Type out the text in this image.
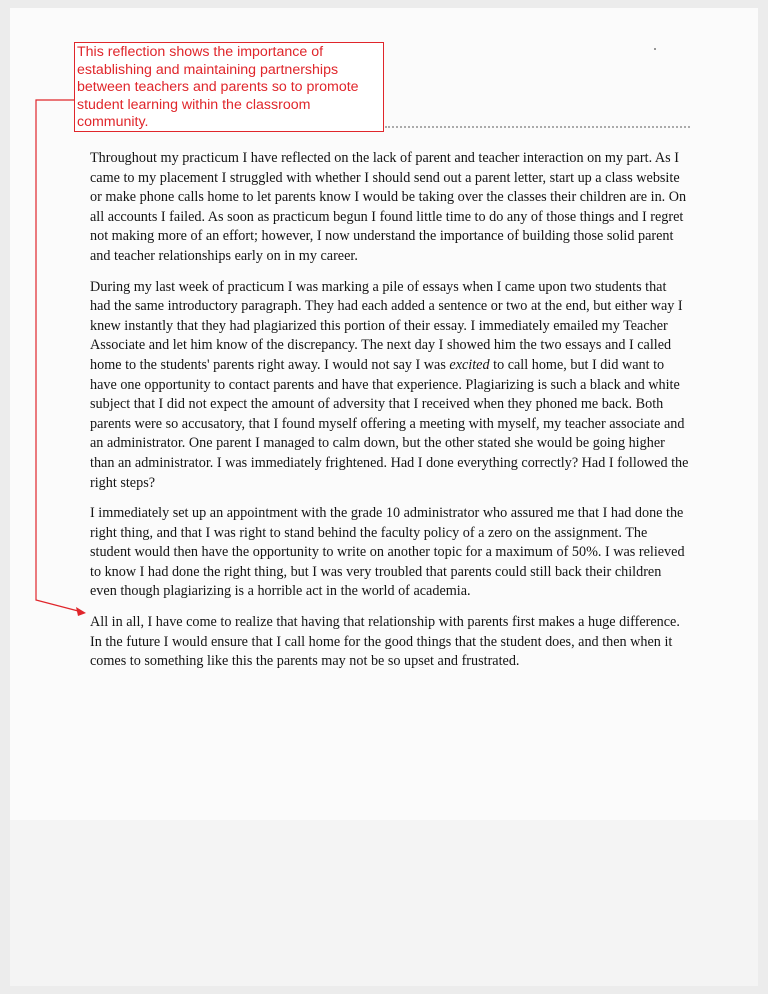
This reflection shows the importance of establishing and maintaining partnerships between teachers and parents so to promote student learning within the classroom community.

Throughout my practicum I have reflected on the lack of parent and teacher interaction on my part. As I came to my placement I struggled with whether I should send out a parent letter, start up a class website or make phone calls home to let parents know I would be taking over the classes their children are in. On all accounts I failed. As soon as practicum begun I found little time to do any of those things and I regret not making more of an effort; however, I now understand the importance of building those solid parent and teacher relationships early on in my career.

During my last week of practicum I was marking a pile of essays when I came upon two students that had the same introductory paragraph. They had each added a sentence or two at the end, but either way I knew instantly that they had plagiarized this portion of their essay. I immediately emailed my Teacher Associate and let him know of the discrepancy. The next day I showed him the two essays and I called home to the students' parents right away. I would not say I was excited to call home, but I did want to have one opportunity to contact parents and have that experience. Plagiarizing is such a black and white subject that I did not expect the amount of adversity that I received when they phoned me back. Both parents were so accusatory, that I found myself offering a meeting with myself, my teacher associate and an administrator. One parent I managed to calm down, but the other stated she would be going higher than an administrator. I was immediately frightened. Had I done everything correctly? Had I followed the right steps?

I immediately set up an appointment with the grade 10 administrator who assured me that I had done the right thing, and that I was right to stand behind the faculty policy of a zero on the assignment. The student would then have the opportunity to write on another topic for a maximum of 50%. I was relieved to know I had done the right thing, but I was very troubled that parents could still back their children even though plagiarizing is a horrible act in the world of academia.

All in all, I have come to realize that having that relationship with parents first makes a huge difference. In the future I would ensure that I call home for the good things that the student does, and then when it comes to something like this the parents may not be so upset and frustrated.
